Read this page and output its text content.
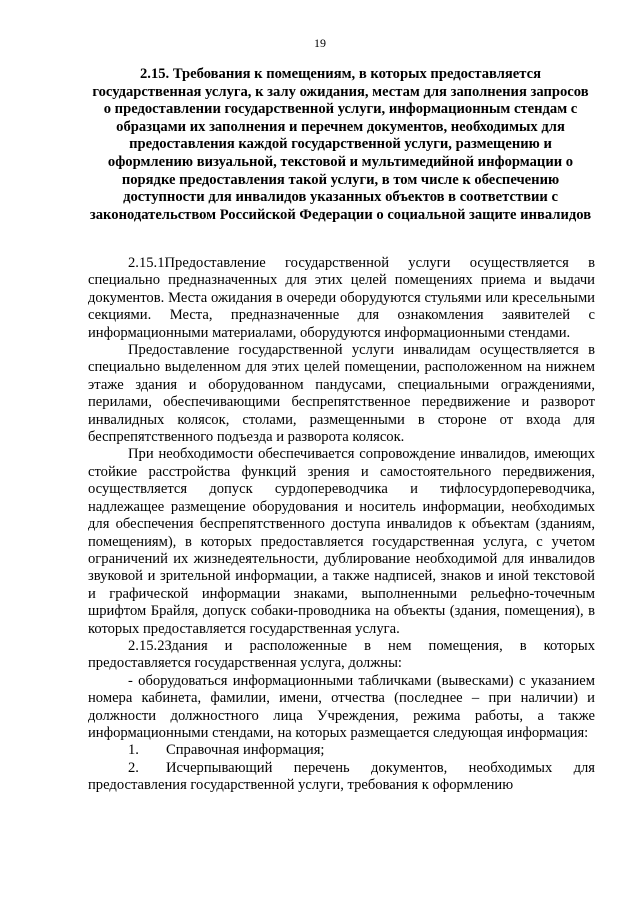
19
2.15. Требования к помещениям, в которых предоставляется государственная услуга, к залу ожидания, местам для заполнения запросов о предоставлении государственной услуги, информационным стендам с образцами их заполнения и перечнем документов, необходимых для предоставления каждой государственной услуги, размещению и оформлению визуальной, текстовой и мультимедийной информации о порядке предоставления такой услуги, в том числе к обеспечению доступности для инвалидов указанных объектов в соответствии с законодательством Российской Федерации о социальной защите инвалидов

2.15.1Предоставление государственной услуги осуществляется в специально предназначенных для этих целей помещениях приема и выдачи документов. Места ожидания в очереди оборудуются стульями или кресельными секциями. Места, предназначенные для ознакомления заявителей с информационными материалами, оборудуются информационными стендами.

Предоставление государственной услуги инвалидам осуществляется в специально выделенном для этих целей помещении, расположенном на нижнем этаже здания и оборудованном пандусами, специальными ограждениями, перилами, обеспечивающими беспрепятственное передвижение и разворот инвалидных колясок, столами, размещенными в стороне от входа для беспрепятственного подъезда и разворота колясок.

При необходимости обеспечивается сопровождение инвалидов, имеющих стойкие расстройства функций зрения и самостоятельного передвижения, осуществляется допуск сурдопереводчика и тифлосурдопереводчика, надлежащее размещение оборудования и носитель информации, необходимых для обеспечения беспрепятственного доступа инвалидов к объектам (зданиям, помещениям), в которых предоставляется государственная услуга, с учетом ограничений их жизнедеятельности, дублирование необходимой для инвалидов звуковой и зрительной информации, а также надписей, знаков и иной текстовой и графической информации знаками, выполненными рельефно-точечным шрифтом Брайля, допуск собаки-проводника на объекты (здания, помещения), в которых предоставляется государственная услуга.

2.15.2Здания и расположенные в нем помещения, в которых предоставляется государственная услуга, должны:

- оборудоваться информационными табличками (вывесками) с указанием номера кабинета, фамилии, имени, отчества (последнее – при наличии) и должности должностного лица Учреждения, режима работы, а также информационными стендами, на которых размещается следующая информация:

1. Справочная информация;

2. Исчерпывающий перечень документов, необходимых для предоставления государственной услуги, требования к оформлению
